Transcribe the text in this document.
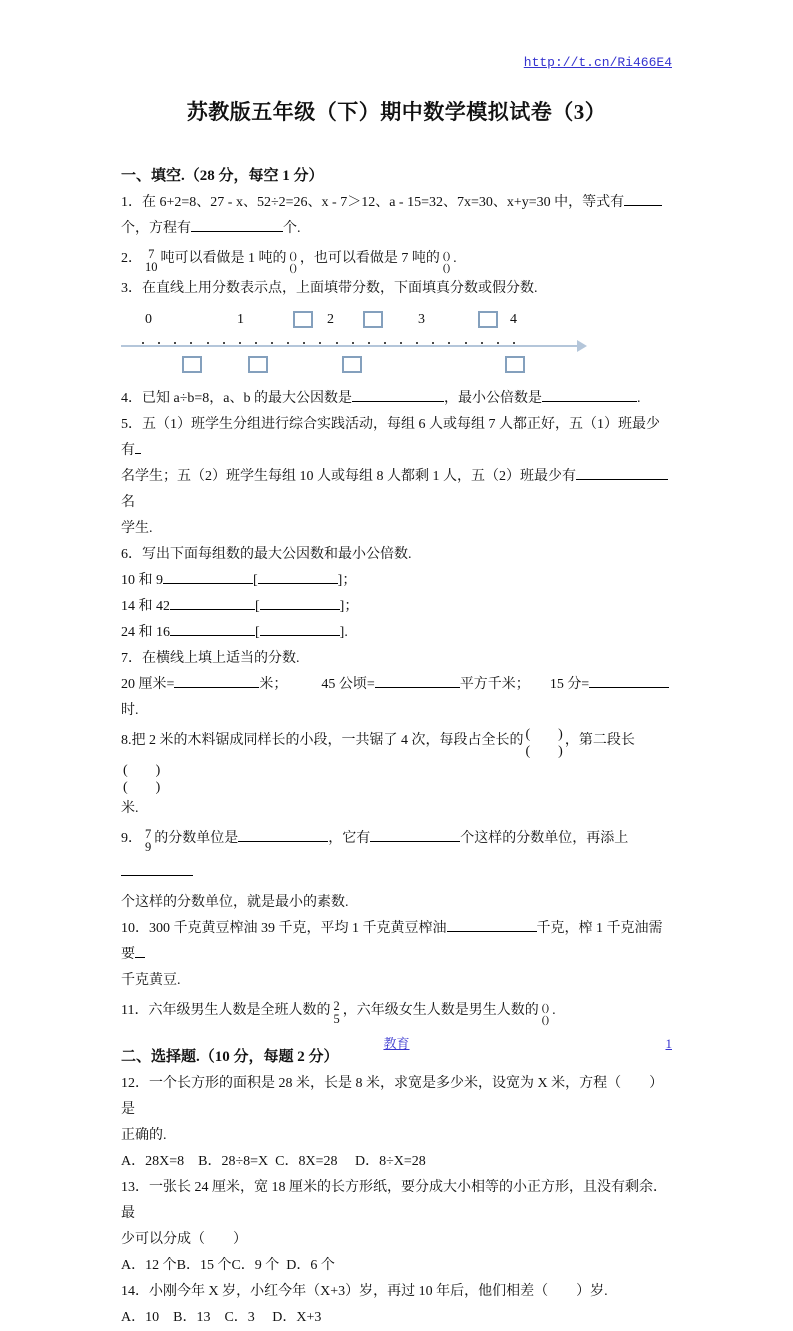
http://t.cn/Ri466E4
苏教版五年级（下）期中数学模拟试卷（3）

一、填空.（28 分，每空 1 分）

1．在 6+2=8、27 - x、52÷2=26、x - 7＞12、a - 15=32、7x=30、x+y=30 中，等式有
个，方程有	个.
2． 7
10
吨可以看做是 1 吨的 ()
()
，也可以看做是 7 吨的 ()
()
.
3．在直线上用分数表示点，上面填带分数，下面填真分数或假分数.
0	1	2	3	4
4．已知 a÷b=8，a、b 的最大公因数是	，最小公倍数是	.
5．五（1）班学生分组进行综合实践活动，每组 6 人或每组 7 人都正好，五（1）班最少有
名学生；五（2）班学生每组 10 人或每组 8 人都剩 1 人，五（2）班最少有名
学生.
6．写出下面每组数的最大公因数和最小公倍数.
10 和 9	[	]；
14 和 42	[	]；
24 和 16	[	].
7．在横线上填上适当的分数.
20 厘米=	米； 45 公顷=	平方千米； 15 分=
时.
8.把 2 米的木料锯成同样长的小段，一共锯了 4 次，每段占全长的 (        )
(        )
，第二段长
(        )
(        )
米.
9． 7
9
的分数单位是	，它有	个这样的分数单位，再添上
个这样的分数单位，就是最小的素数.
10．300 千克黄豆榨油 39 千克，平均 1 千克黄豆榨油	千克，榨 1 千克油需要
千克黄豆.
11．六年级男生人数是全班人数的 2
5
，六年级女生人数是男生人数的 ()
()
.

二、选择题.（10 分，每题 2 分）

12．一个长方形的面积是 28 米，长是 8 米，求宽是多少米，设宽为 X 米，方程（　　）是
正确的.
A．28X=8    B．28÷8=X  C．8X=28     D．8÷X=28
13．一张长 24 厘米，宽 18 厘米的长方形纸，要分成大小相等的小正方形，且没有剩余．最
少可以分成（　　）
A．12 个B．15 个C．9 个  D．6 个
14．小刚今年 X 岁，小红今年（X+3）岁，再过 10 年后，他们相差（　　）岁.
A．10    B．13    C．3     D．X+3
教育	1
